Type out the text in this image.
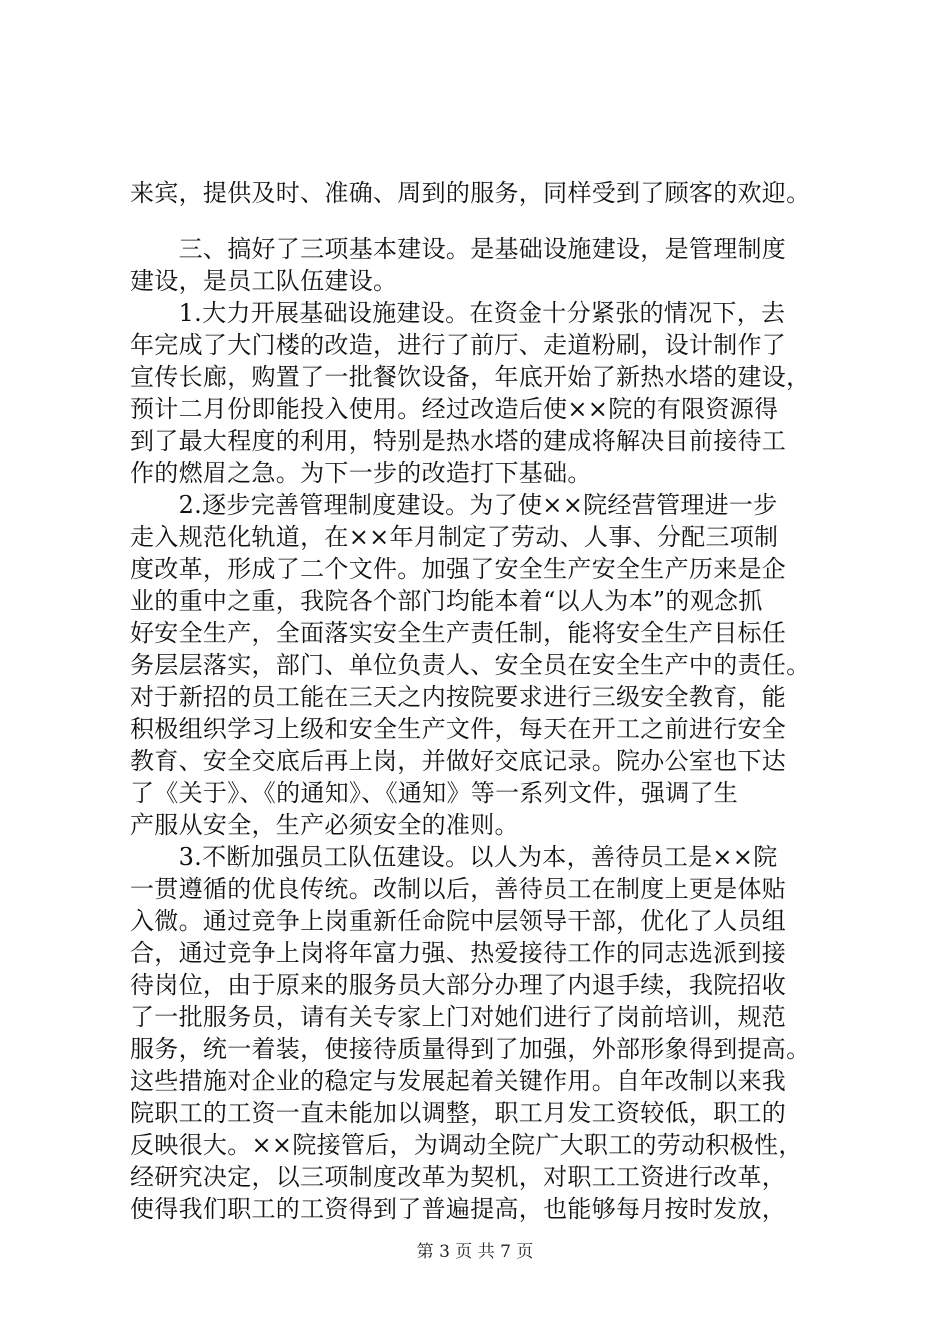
来宾，提供及时、准确、周到的服务，同样受到了顾客的欢迎。
　　三、搞好了三项基本建设。是基础设施建设，是管理制度
建设，是员工队伍建设。
　　1.大力开展基础设施建设。在资金十分紧张的情况下，去
年完成了大门楼的改造，进行了前厅、走道粉刷，设计制作了
宣传长廊，购置了一批餐饮设备，年底开始了新热水塔的建设，
预计二月份即能投入使用。经过改造后使××院的有限资源得
到了最大程度的利用，特别是热水塔的建成将解决目前接待工
作的燃眉之急。为下一步的改造打下基础。
　　2.逐步完善管理制度建设。为了使××院经营管理进一步
走入规范化轨道，在××年月制定了劳动、人事、分配三项制
度改革，形成了二个文件。加强了安全生产安全生产历来是企
业的重中之重，我院各个部门均能本着“以人为本”的观念抓
好安全生产，全面落实安全生产责任制，能将安全生产目标任
务层层落实，部门、单位负责人、安全员在安全生产中的责任。
对于新招的员工能在三天之内按院要求进行三级安全教育，能
积极组织学习上级和安全生产文件，每天在开工之前进行安全
教育、安全交底后再上岗，并做好交底记录。院办公室也下达
了《关于》、《的通知》、《通知》等一系列文件，强调了生
产服从安全，生产必须安全的准则。
　　3.不断加强员工队伍建设。以人为本，善待员工是××院
一贯遵循的优良传统。改制以后，善待员工在制度上更是体贴
入微。通过竞争上岗重新任命院中层领导干部，优化了人员组
合，通过竞争上岗将年富力强、热爱接待工作的同志选派到接
待岗位，由于原来的服务员大部分办理了内退手续，我院招收
了一批服务员，请有关专家上门对她们进行了岗前培训，规范
服务，统一着装，使接待质量得到了加强，外部形象得到提高。
这些措施对企业的稳定与发展起着关键作用。自年改制以来我
院职工的工资一直未能加以调整，职工月发工资较低，职工的
反映很大。××院接管后，为调动全院广大职工的劳动积极性，
经研究决定，以三项制度改革为契机，对职工工资进行改革，
使得我们职工的工资得到了普遍提高，也能够每月按时发放，
第 3 页 共 7 页
